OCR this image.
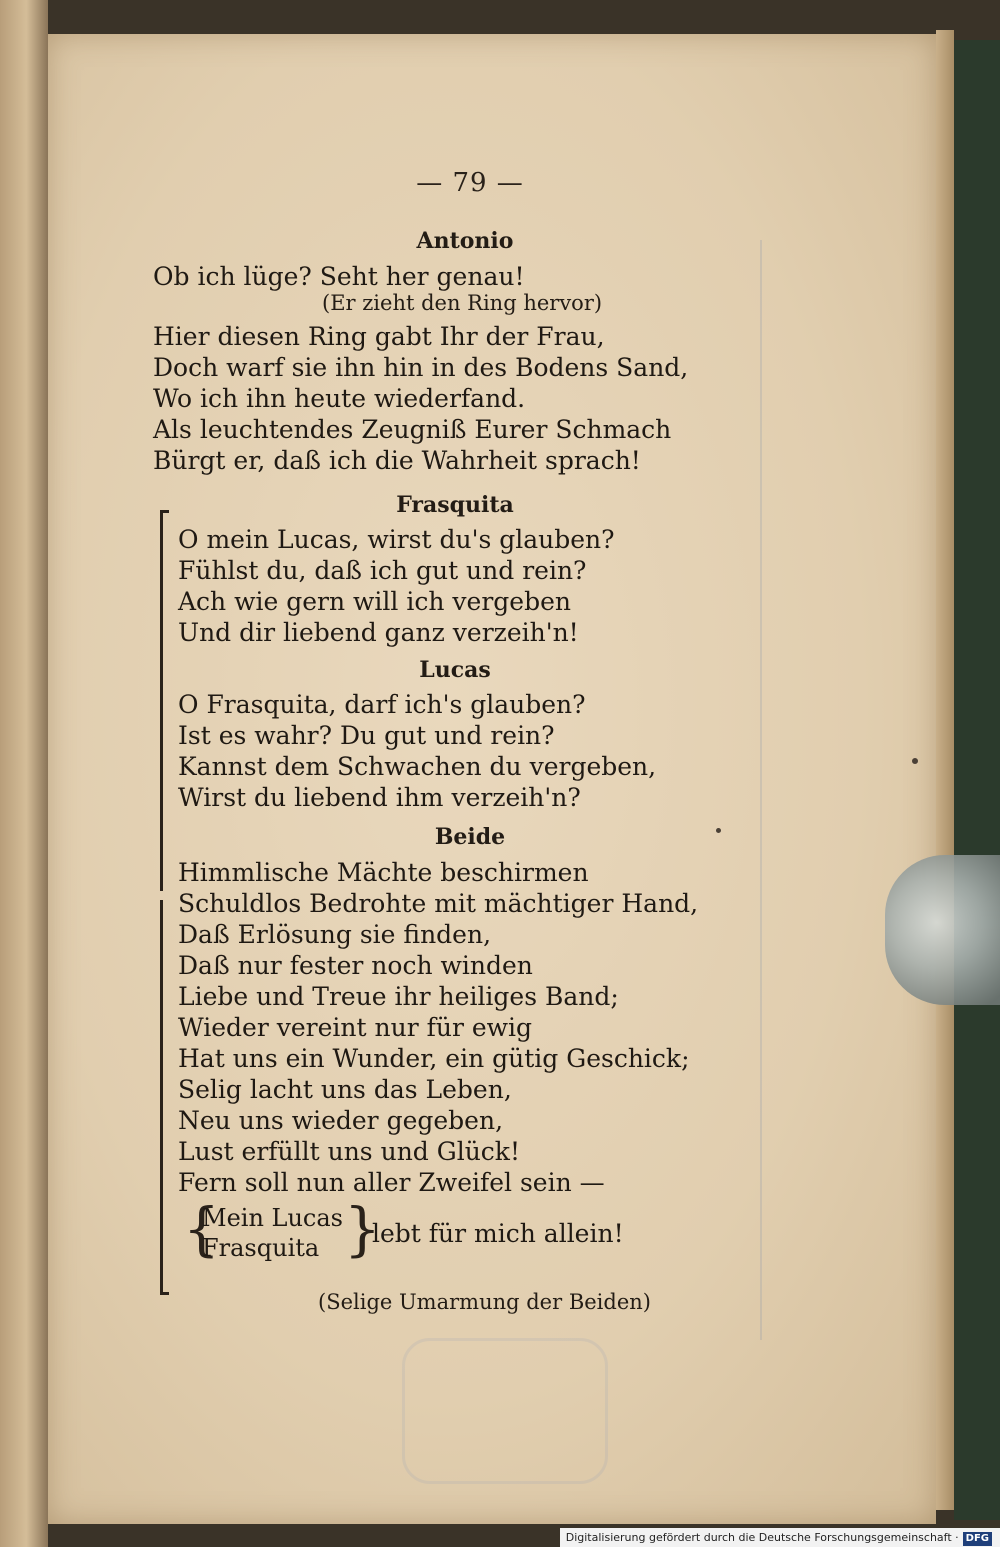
— 79 —
Antonio
Ob ich lüge? Seht her genau!
(Er zieht den Ring hervor)
Hier diesen Ring gabt Ihr der Frau,
Doch warf sie ihn hin in des Bodens Sand,
Wo ich ihn heute wiederfand.
Als leuchtendes Zeugniß Eurer Schmach
Bürgt er, daß ich die Wahrheit sprach!
Frasquita
O mein Lucas, wirst du's glauben?
Fühlst du, daß ich gut und rein?
Ach wie gern will ich vergeben
Und dir liebend ganz verzeih'n!
Lucas
O Frasquita, darf ich's glauben?
Ist es wahr? Du gut und rein?
Kannst dem Schwachen du vergeben,
Wirst du liebend ihm verzeih'n?
Beide
Himmlische Mächte beschirmen
Schuldlos Bedrohte mit mächtiger Hand,
Daß Erlösung sie finden,
Daß nur fester noch winden
Liebe und Treue ihr heiliges Band;
Wieder vereint nur für ewig
Hat uns ein Wunder, ein gütig Geschick;
Selig lacht uns das Leben,
Neu uns wieder gegeben,
Lust erfüllt uns und Glück!
Fern soll nun aller Zweifel sein —
{
Mein Lucas
Frasquita }
lebt für mich allein!
(Selige Umarmung der Beiden)
Digitalisierung gefördert durch die Deutsche Forschungsgemeinschaft · DFG
